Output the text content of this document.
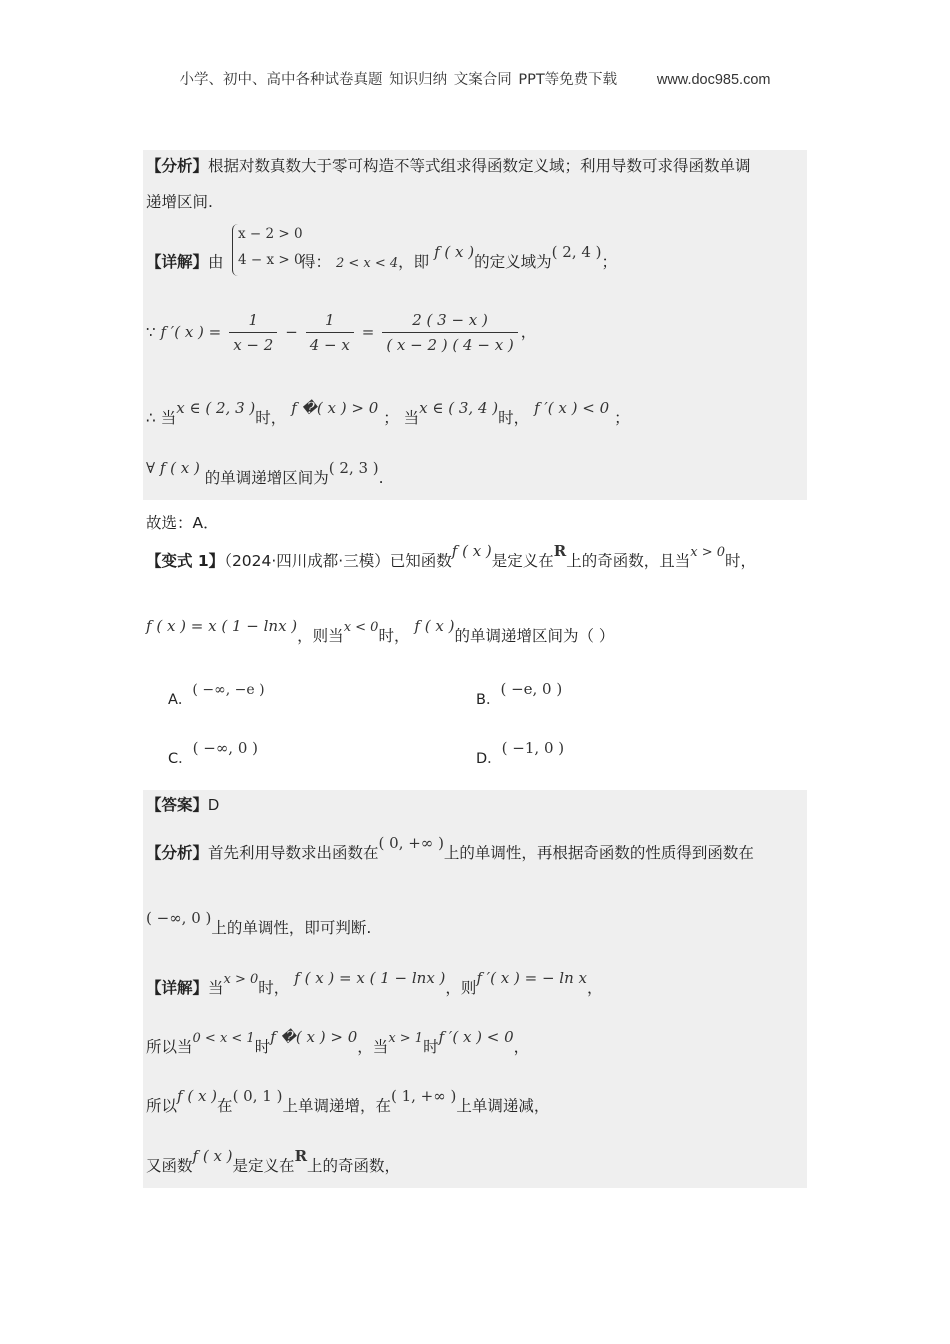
小学、初中、高中各种试卷真题 知识归纳 文案合同 PPT等免费下载	www.doc985.com
【分析】根据对数真数大于零可构造不等式组求得函数定义域；利用导数可求得函数单调
递增区间.
x − 2 > 0
4 − x > 0
【详解】由	得： 2 < x < 4，即 f ( x )的定义域为( 2, 4 )；
∵ f ′( x ) = $\frac{1}{x - 2} - \frac{1}{4 - x} = \frac{2 ( 3 - x )}{( x - 2 ) ( 4 - x )}$ ，
∴ 当x ∈ ( 2, 3 )时， f �( x ) > 0 ； 当x ∈ ( 3, 4 )时， f ′( x ) < 0 ；
∀ f ( x ) 的单调递增区间为( 2, 3 ).
故选：A．
【变式 1】（2024·四川成都·三模）已知函数f ( x )是定义在R上的奇函数，且当$^{x > 0}$时，
f ( x ) = x ( 1 − lnx )，则当$^{x < 0}$时， f ( x )的单调递增区间为（ ）
A．( −∞, −e )
B．( −e, 0 )
C．( −∞, 0 )
D．( −1, 0 )
【答案】D
【分析】首先利用导数求出函数在( 0, +∞ )上的单调性，再根据奇函数的性质得到函数在
( −∞, 0 )上的单调性，即可判断.
【详解】当$^{x > 0}$时， f ( x ) = x ( 1 − lnx )，则f ′( x ) = − ln x，
所以当$^{0 < x < 1}$时f �( x ) > 0，当$^{x > 1}$时f ′( x ) < 0，
所以f ( x )在( 0, 1 )上单调递增，在( 1, +∞ )上单调递减，
又函数f ( x )是定义在R上的奇函数，
